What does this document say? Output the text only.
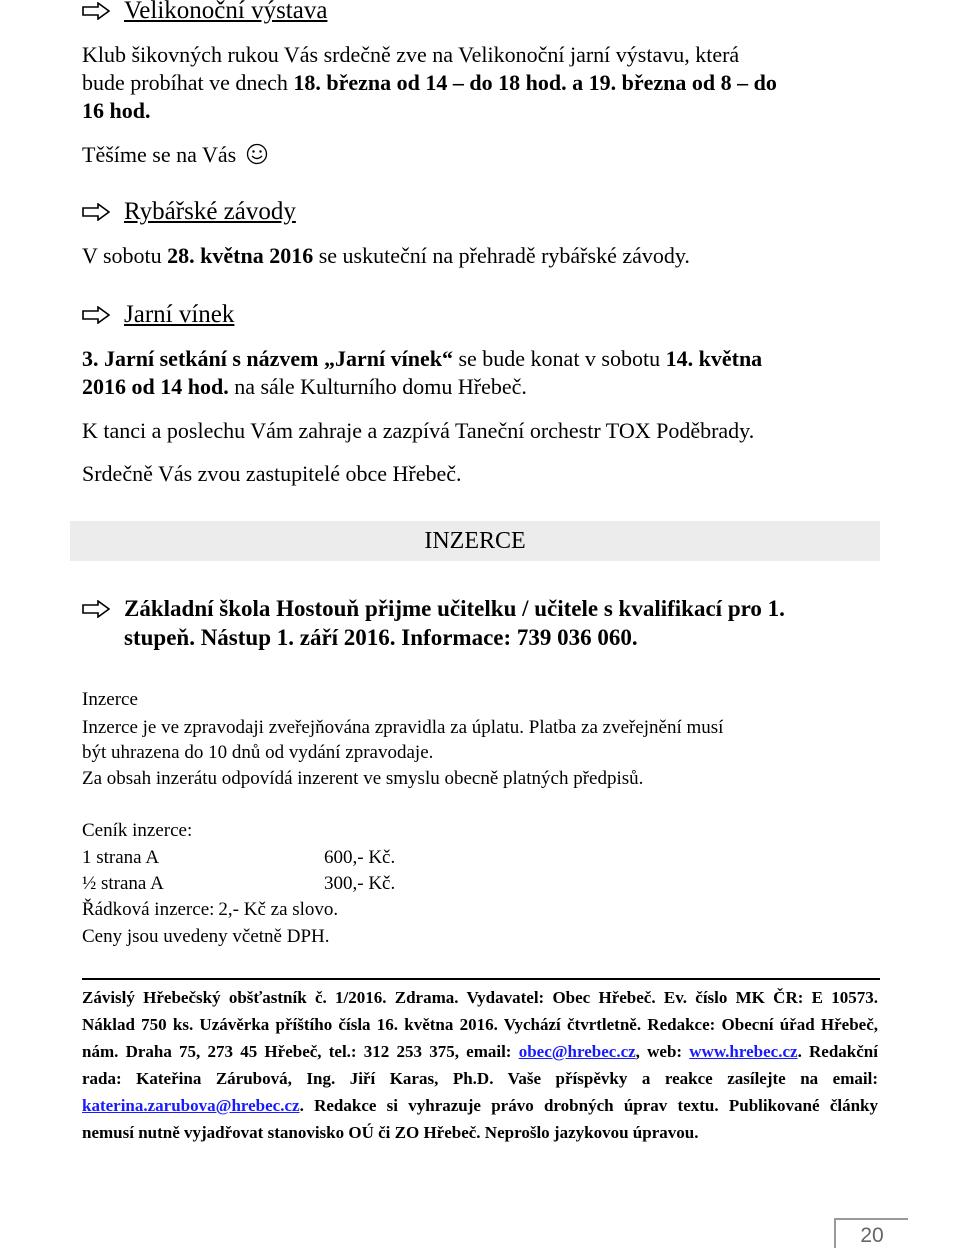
Velikonoční výstava
Klub šikovných rukou Vás srdečně zve na Velikonoční jarní výstavu, která
bude probíhat ve dnech 18. března od 14 – do 18 hod. a 19. března od 8 – do
16 hod.
Těšíme se na Vás
Rybářské závody
V sobotu 28. května 2016 se uskuteční na přehradě rybářské závody.
Jarní vínek
3. Jarní setkání s názvem „Jarní vínek“ se bude konat v sobotu 14. května
2016 od 14 hod. na sále Kulturního domu Hřebeč.
K tanci a poslechu Vám zahraje a zazpívá Taneční orchestr TOX Poděbrady.
Srdečně Vás zvou zastupitelé obce Hřebeč.
INZERCE
Základní škola Hostouň přijme učitelku / učitele s kvalifikací pro 1.
stupeň. Nástup 1. září 2016. Informace: 739 036 060.
Inzerce
Inzerce je ve zpravodaji zveřejňována zpravidla za úplatu. Platba za zveřejnění musí
být uhrazena do 10 dnů od vydání zpravodaje.
Za obsah inzerátu odpovídá inzerent ve smyslu obecně platných předpisů.
Ceník inzerce:
1 strana A	600,- Kč.
½ strana A	300,- Kč.
Řádková inzerce: 2,- Kč za slovo.
Ceny jsou uvedeny včetně DPH.
Závislý Hřebečský obšťastník č. 1/2016. Zdrama. Vydavatel: Obec Hřebeč. Ev. číslo MK ČR: E 10573. Náklad 750 ks. Uzávěrka příštího čísla 16. května 2016. Vychází čtvrtletně. Redakce: Obecní úřad Hřebeč, nám. Draha 75, 273 45 Hřebeč, tel.: 312 253 375, email: obec@hrebec.cz, web: www.hrebec.cz. Redakční rada: Kateřina Zárubová, Ing. Jiří Karas, Ph.D. Vaše příspěvky a reakce zasílejte na email: katerina.zarubova@hrebec.cz. Redakce si vyhrazuje právo drobných úprav textu. Publikované články nemusí nutně vyjadřovat stanovisko OÚ či ZO Hřebeč. Neprošlo jazykovou úpravou.
20
